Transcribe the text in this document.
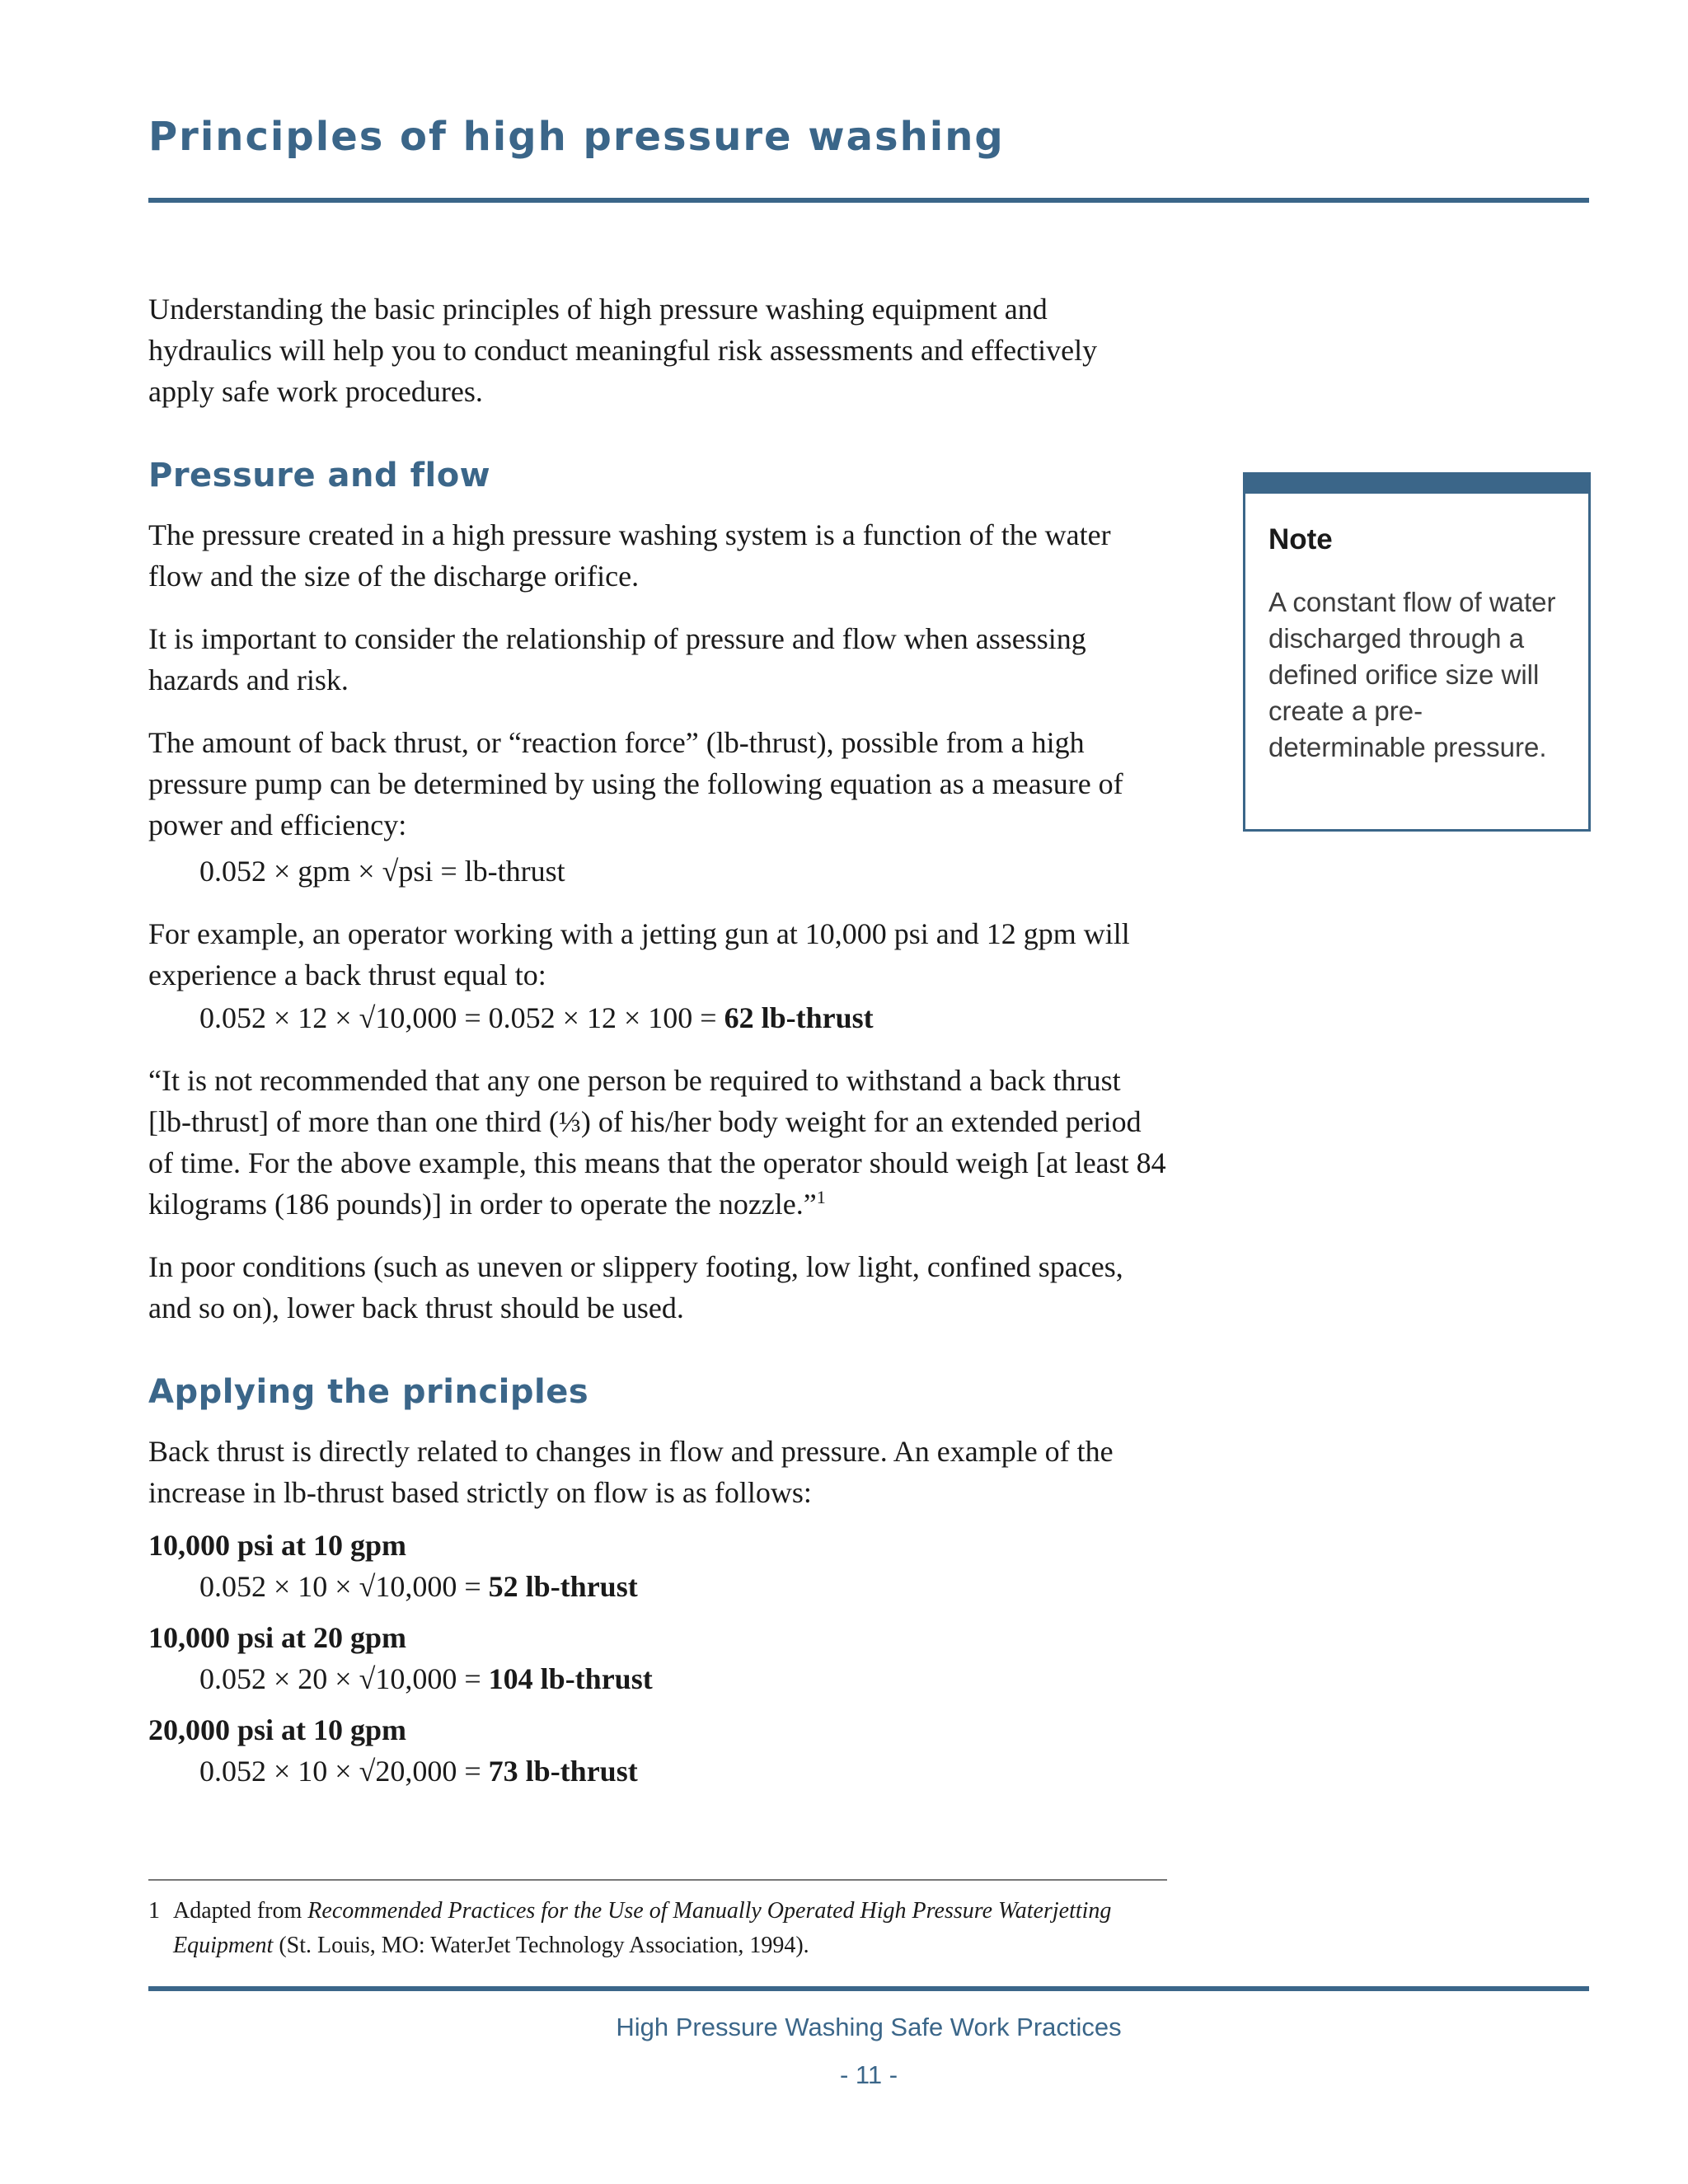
Principles of high pressure washing

Understanding the basic principles of high pressure washing equipment and hydraulics will help you to conduct meaningful risk assessments and effectively apply safe work procedures.

Pressure and flow

The pressure created in a high pressure washing system is a function of the water flow and the size of the discharge orifice.

It is important to consider the relationship of pressure and flow when assessing hazards and risk.

The amount of back thrust, or “reaction force” (lb-thrust), possible from a high pressure pump can be determined by using the following equation as a measure of power and efficiency:

0.052 × gpm × √psi = lb-thrust

For example, an operator working with a jetting gun at 10,000 psi and 12 gpm will experience a back thrust equal to:

0.052 × 12 × √10,000 = 0.052 × 12 × 100 = 62 lb-thrust

“It is not recommended that any one person be required to withstand a back thrust [lb-thrust] of more than one third (⅓) of his/her body weight for an extended period of time. For the above example, this means that the operator should weigh [at least 84 kilograms (186 pounds)] in order to operate the nozzle.”$^1$

In poor conditions (such as uneven or slippery footing, low light, confined spaces, and so on), lower back thrust should be used.

Applying the principles

Back thrust is directly related to changes in flow and pressure. An example of the increase in lb-thrust based strictly on flow is as follows:

10,000 psi at 10 gpm

0.052 × 10 × √10,000 = 52 lb-thrust

10,000 psi at 20 gpm

0.052 × 20 × √10,000 = 104 lb-thrust

20,000 psi at 10 gpm

0.052 × 10 × √20,000 = 73 lb-thrust

1 Adapted from Recommended Practices for the Use of Manually Operated High Pressure Waterjetting Equipment (St. Louis, MO: WaterJet Technology Association, 1994).

Note

A constant flow of water discharged through a defined orifice size will create a pre-determinable pressure.

High Pressure Washing Safe Work Practices
- 11 -
